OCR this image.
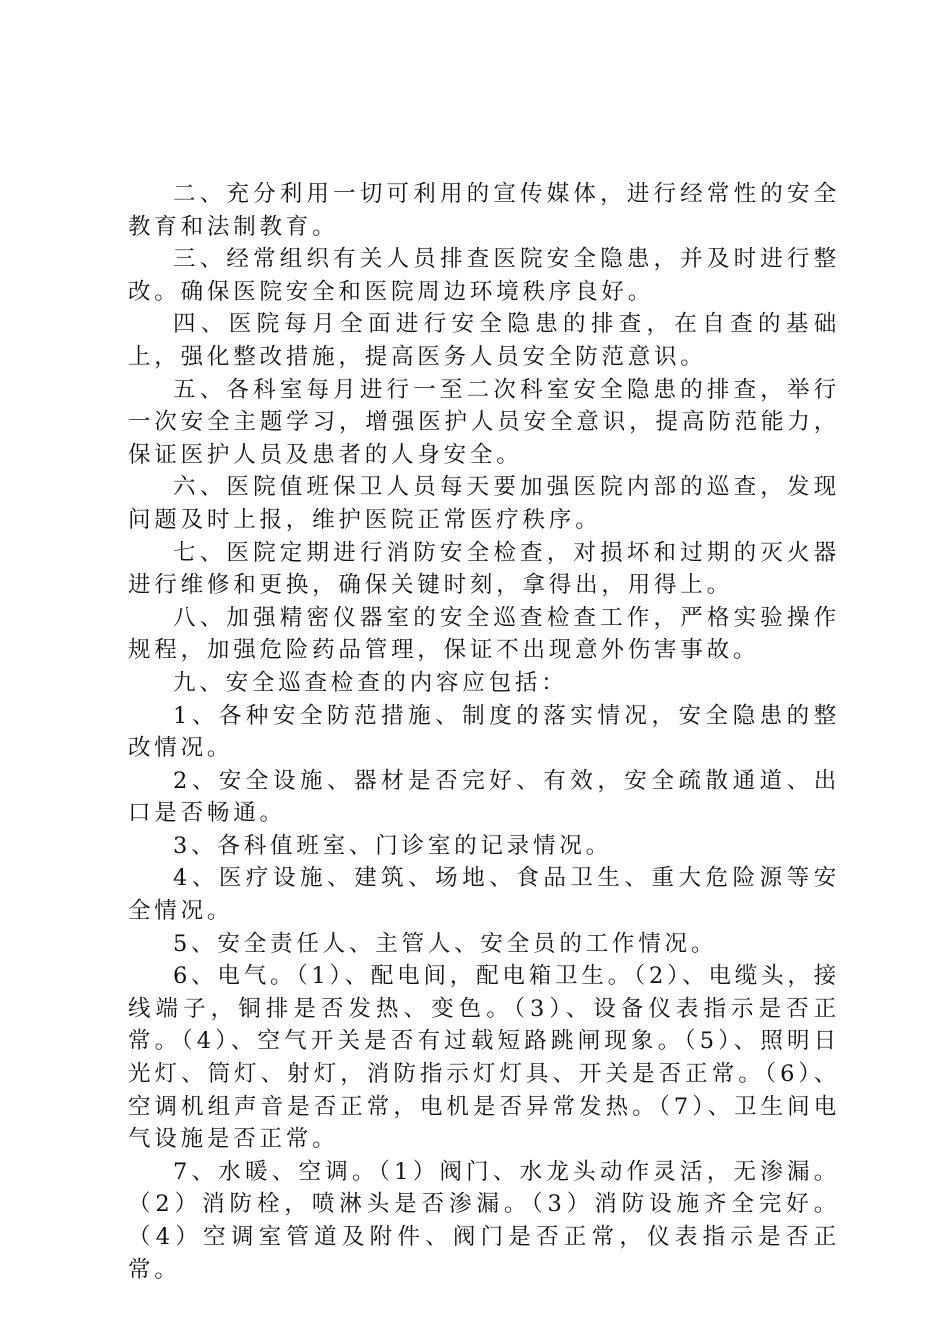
二、充分利用一切可利用的宣传媒体，进行经常性的安全教育和法制教育。

三、经常组织有关人员排查医院安全隐患，并及时进行整改。确保医院安全和医院周边环境秩序良好。

四、医院每月全面进行安全隐患的排查，在自查的基础上，强化整改措施，提高医务人员安全防范意识。

五、各科室每月进行一至二次科室安全隐患的排查，举行一次安全主题学习，增强医护人员安全意识，提高防范能力，保证医护人员及患者的人身安全。

六、医院值班保卫人员每天要加强医院内部的巡查，发现问题及时上报，维护医院正常医疗秩序。

七、医院定期进行消防安全检查，对损坏和过期的灭火器进行维修和更换，确保关键时刻，拿得出，用得上。

八、加强精密仪器室的安全巡查检查工作，严格实验操作规程，加强危险药品管理，保证不出现意外伤害事故。

九、安全巡查检查的内容应包括：

1、各种安全防范措施、制度的落实情况，安全隐患的整改情况。

2、安全设施、器材是否完好、有效，安全疏散通道、出口是否畅通。

3、各科值班室、门诊室的记录情况。

4、医疗设施、建筑、场地、食品卫生、重大危险源等安全情况。

5、安全责任人、主管人、安全员的工作情况。

6、电气。（1）、配电间，配电箱卫生。（2）、电缆头，接线端子，铜排是否发热、变色。（3）、设备仪表指示是否正常。（4）、空气开关是否有过载短路跳闸现象。（5）、照明日光灯、筒灯、射灯，消防指示灯灯具、开关是否正常。（6）、空调机组声音是否正常，电机是否异常发热。（7）、卫生间电气设施是否正常。

7、水暖、空调。（1）阀门、水龙头动作灵活，无渗漏。（2）消防栓，喷淋头是否渗漏。（3）消防设施齐全完好。（4）空调室管道及附件、阀门是否正常，仪表指示是否正常。
